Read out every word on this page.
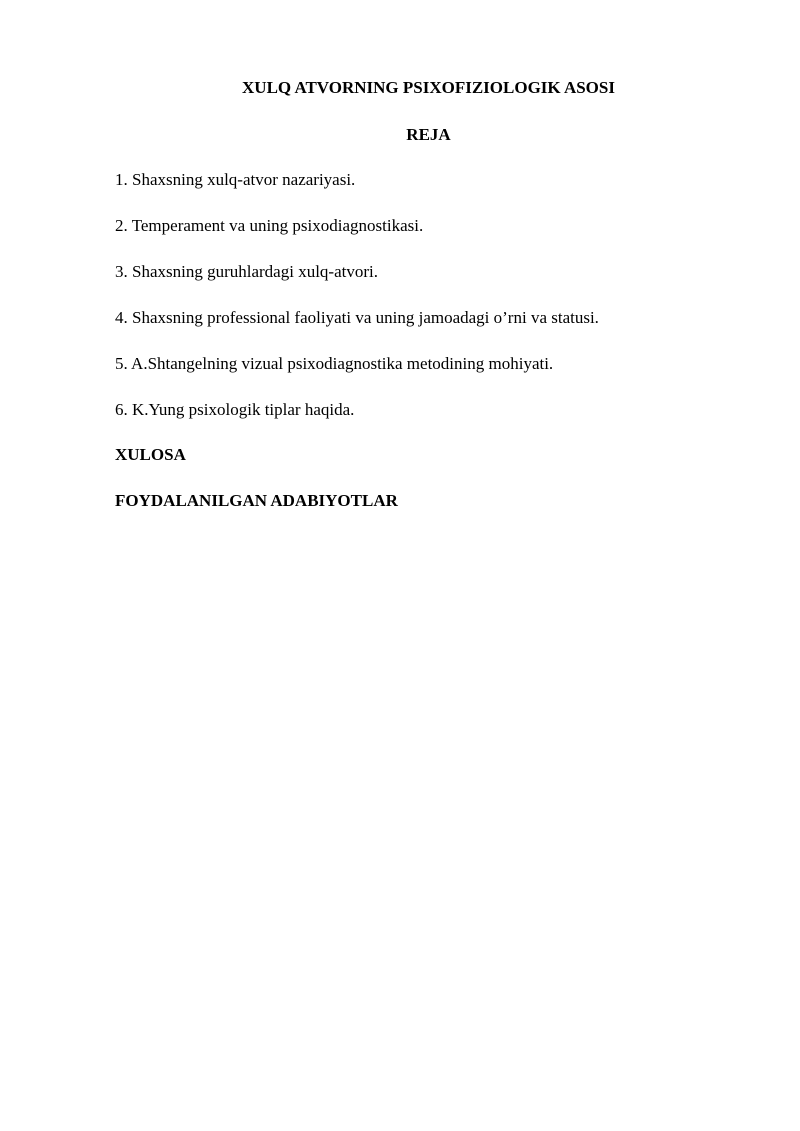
XULQ ATVORNING PSIXOFIZIOLOGIK ASOSI
REJA
1. Shaxsning xulq-atvor nazariyasi.
2. Temperament va uning psixodiagnostikasi.
3. Shaxsning guruhlardagi xulq-atvori.
4. Shaxsning professional faoliyati va uning jamoadagi o’rni va statusi.
5. A.Shtangelning vizual psixodiagnostika metodining mohiyati.
6. K.Yung psixologik tiplar haqida.
XULOSA
FOYDALANILGAN ADABIYOTLAR
